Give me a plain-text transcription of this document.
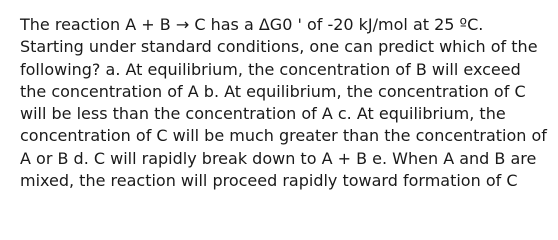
The reaction A + B → C has a ΔG0 ' of -20 kJ/mol at 25 ºC. Starting under standard conditions, one can predict which of the following? a. At equilibrium, the concentration of B will exceed the concentration of A b. At equilibrium, the concentration of C will be less than the concentration of A c. At equilibrium, the concentration of C will be much greater than the concentration of A or B d. C will rapidly break down to A + B e. When A and B are mixed, the reaction will proceed rapidly toward formation of C
